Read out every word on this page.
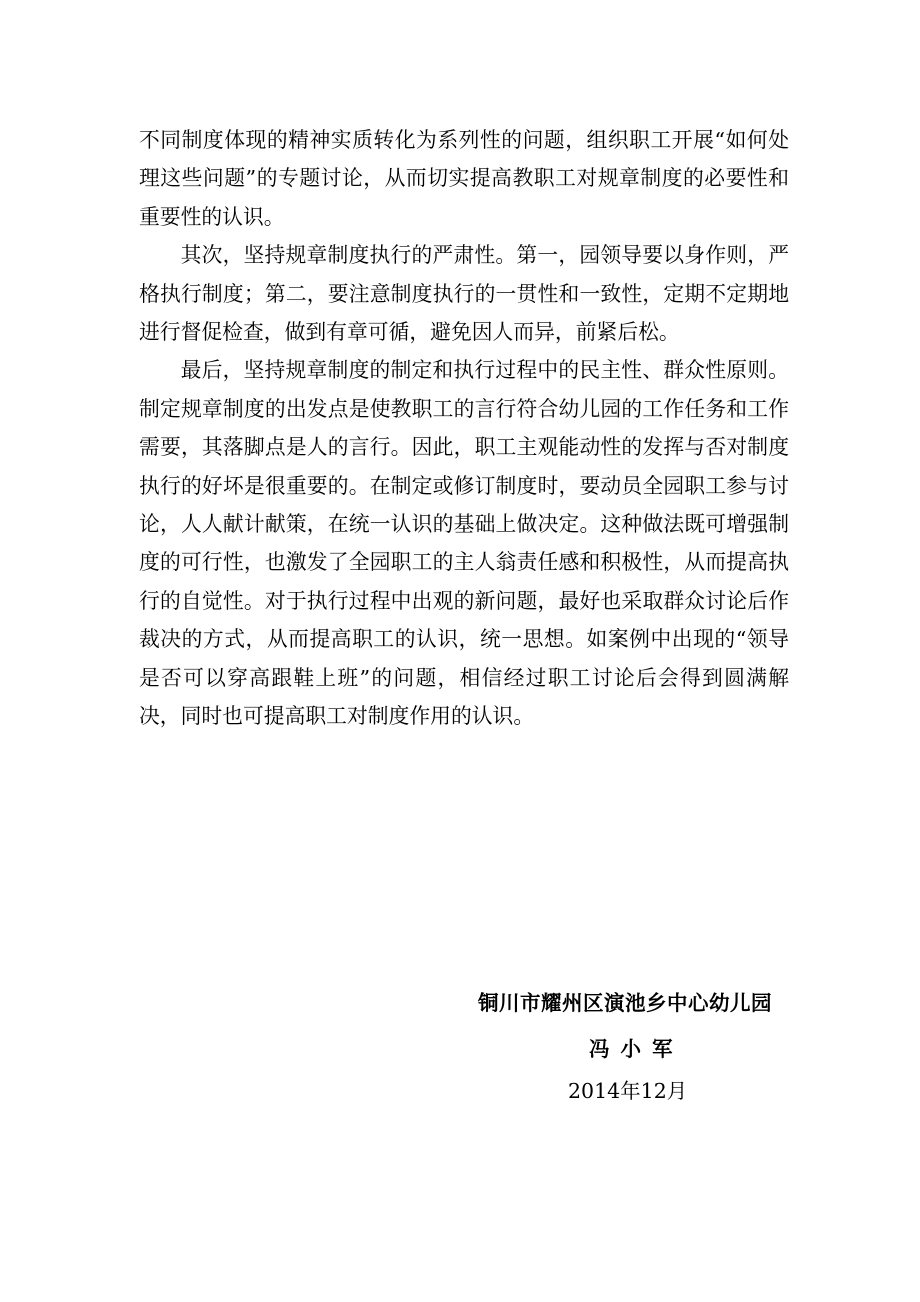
不同制度体现的精神实质转化为系列性的问题，组织职工开展“如何处理这些问题”的专题讨论，从而切实提高教职工对规章制度的必要性和重要性的认识。

其次，坚持规章制度执行的严肃性。第一，园领导要以身作则，严格执行制度；第二，要注意制度执行的一贯性和一致性，定期不定期地进行督促检查，做到有章可循，避免因人而异，前紧后松。

最后，坚持规章制度的制定和执行过程中的民主性、群众性原则。制定规章制度的出发点是使教职工的言行符合幼儿园的工作任务和工作需要，其落脚点是人的言行。因此，职工主观能动性的发挥与否对制度执行的好坏是很重要的。在制定或修订制度时，要动员全园职工参与讨论，人人献计献策，在统一认识的基础上做决定。这种做法既可增强制度的可行性，也激发了全园职工的主人翁责任感和积极性，从而提高执行的自觉性。对于执行过程中出观的新问题，最好也采取群众讨论后作裁决的方式，从而提高职工的认识，统一思想。如案例中出现的“领导是否可以穿高跟鞋上班”的问题，相信经过职工讨论后会得到圆满解决，同时也可提高职工对制度作用的认识。

铜川市耀州区演池乡中心幼儿园
冯小军
2014年12月
